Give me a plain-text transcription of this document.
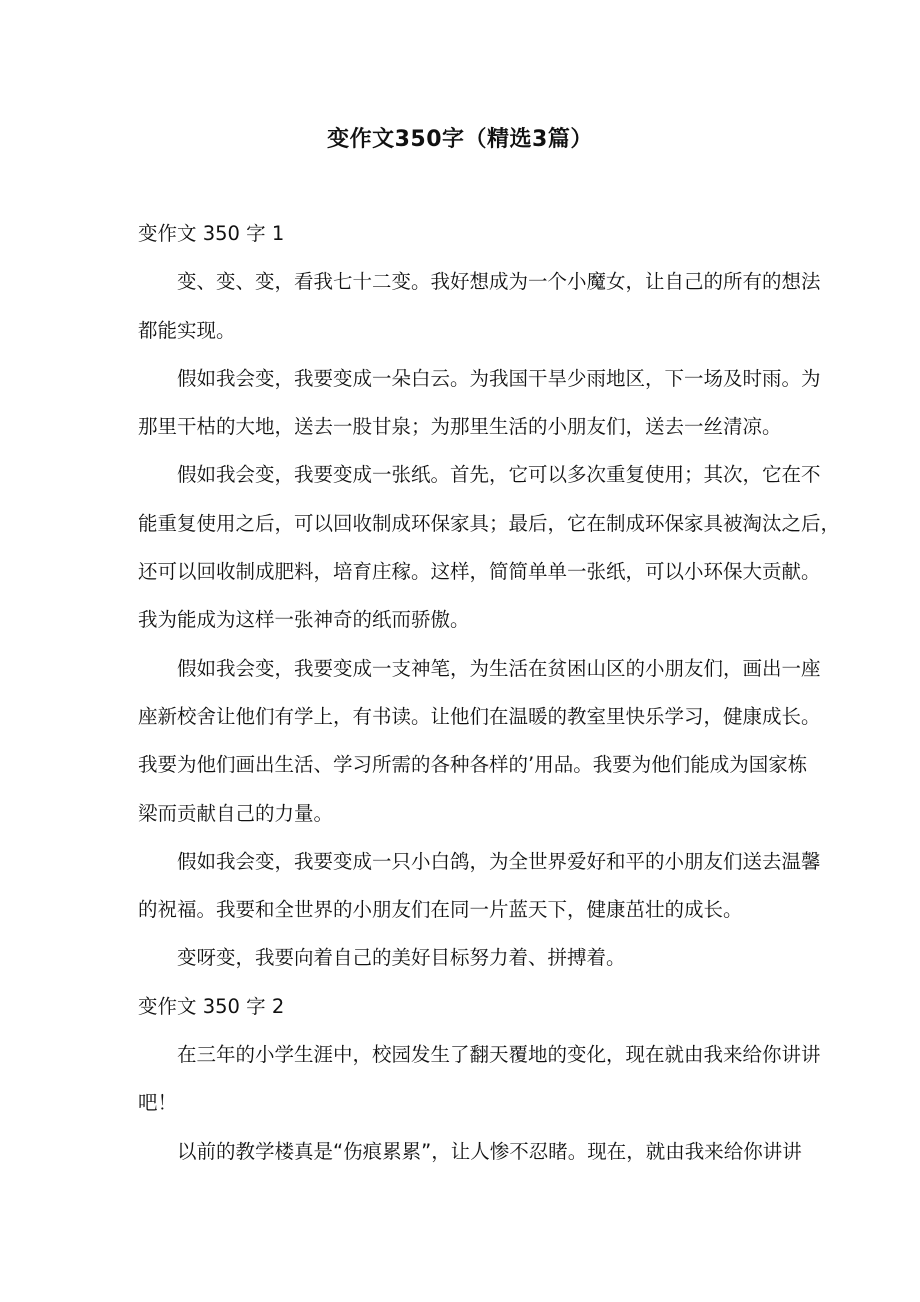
变作文350字（精选3篇）
变作文 350 字 1
变、变、变，看我七十二变。我好想成为一个小魔女，让自己的所有的想法
都能实现。
假如我会变，我要变成一朵白云。为我国干旱少雨地区，下一场及时雨。为
那里干枯的大地，送去一股甘泉；为那里生活的小朋友们，送去一丝清凉。
假如我会变，我要变成一张纸。首先，它可以多次重复使用；其次，它在不
能重复使用之后，可以回收制成环保家具；最后，它在制成环保家具被淘汰之后，
还可以回收制成肥料，培育庄稼。这样，简简单单一张纸，可以小环保大贡献。
我为能成为这样一张神奇的纸而骄傲。
假如我会变，我要变成一支神笔，为生活在贫困山区的小朋友们，画出一座
座新校舍让他们有学上，有书读。让他们在温暖的教室里快乐学习，健康成长。
我要为他们画出生活、学习所需的各种各样的’用品。我要为他们能成为国家栋
梁而贡献自己的力量。
假如我会变，我要变成一只小白鸽，为全世界爱好和平的小朋友们送去温馨
的祝福。我要和全世界的小朋友们在同一片蓝天下，健康茁壮的成长。
变呀变，我要向着自己的美好目标努力着、拼搏着。
变作文 350 字 2
在三年的小学生涯中，校园发生了翻天覆地的变化，现在就由我来给你讲讲
吧！
以前的教学楼真是“伤痕累累”，让人惨不忍睹。现在，就由我来给你讲讲
